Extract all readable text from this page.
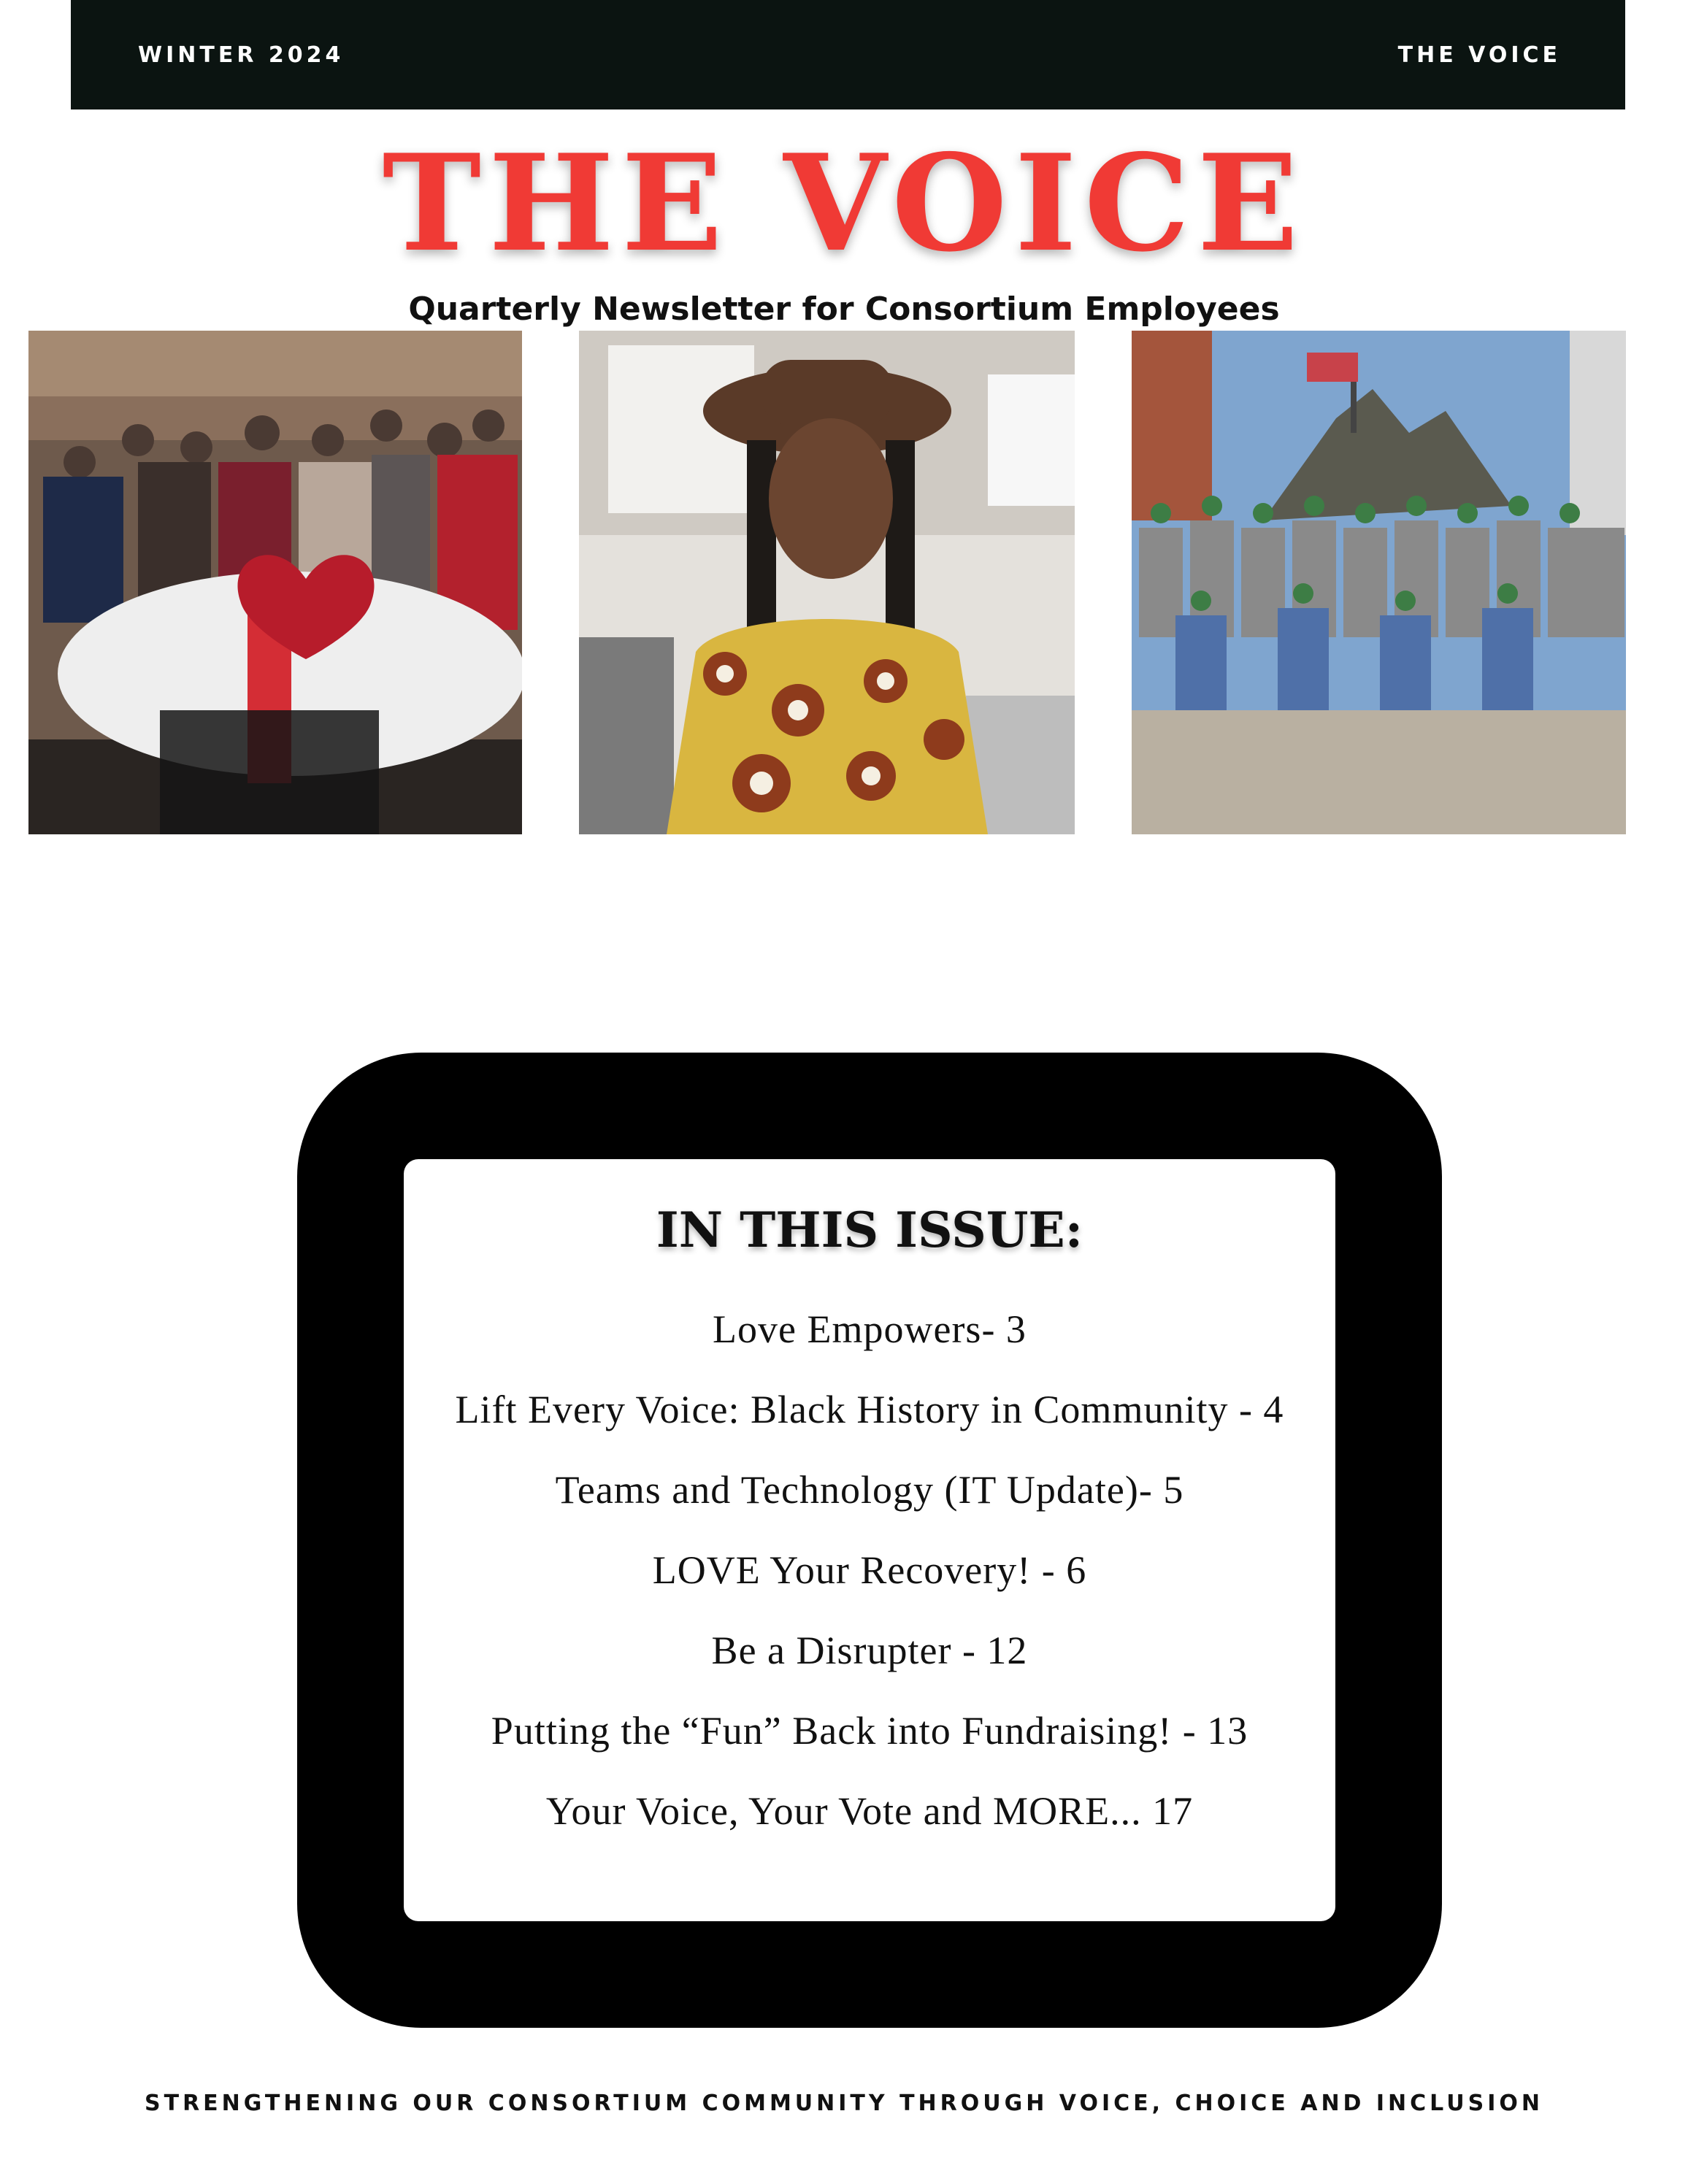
WINTER 2024	THE VOICE
THE VOICE
Quarterly Newsletter for Consortium Employees
IN THIS ISSUE:
Love Empowers- 3
Lift Every Voice: Black History in Community - 4
Teams and Technology (IT Update)- 5
LOVE Your Recovery! - 6
Be a Disrupter - 12
Putting the “Fun” Back into Fundraising! - 13
Your Voice, Your Vote and MORE... 17
STRENGTHENING OUR CONSORTIUM COMMUNITY THROUGH VOICE, CHOICE AND INCLUSION
